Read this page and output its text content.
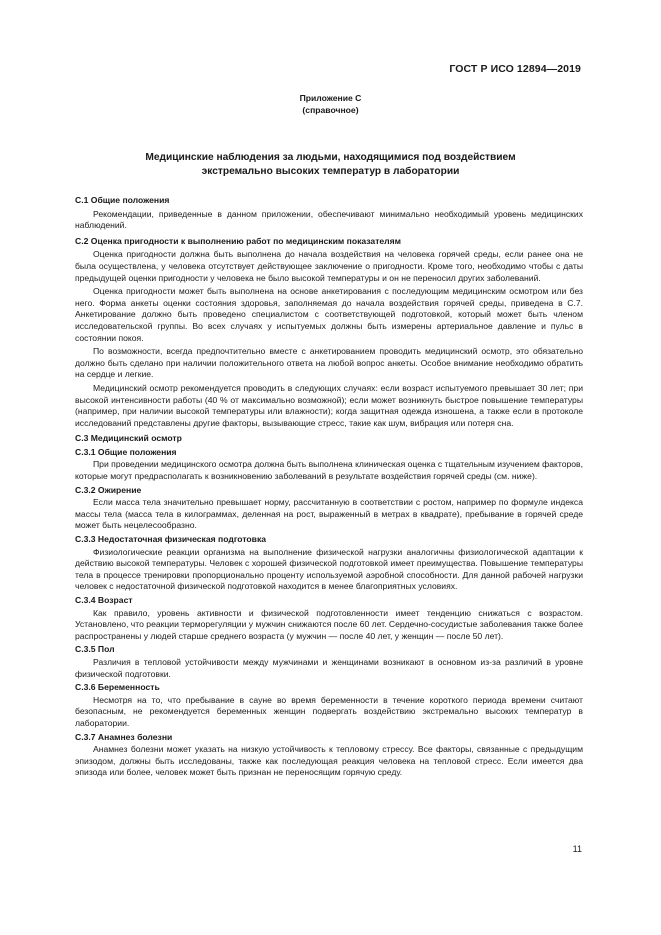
ГОСТ Р ИСО 12894—2019
Приложение С
(справочное)
Медицинские наблюдения за людьми, находящимися под воздействием
экстремально высоких температур в лаборатории
С.1 Общие положения
Рекомендации, приведенные в данном приложении, обеспечивают минимально необходимый уровень медицинских наблюдений.
С.2 Оценка пригодности к выполнению работ по медицинским показателям
Оценка пригодности должна быть выполнена до начала воздействия на человека горячей среды, если ранее она не была осуществлена, у человека отсутствует действующее заключение о пригодности. Кроме того, необходимо чтобы с даты предыдущей оценки пригодности у человека не было высокой температуры и он не переносил других заболеваний.
Оценка пригодности может быть выполнена на основе анкетирования с последующим медицинским осмотром или без него. Форма анкеты оценки состояния здоровья, заполняемая до начала воздействия горячей среды, приведена в С.7. Анкетирование должно быть проведено специалистом с соответствующей подготовкой, который может быть членом исследовательской группы. Во всех случаях у испытуемых должны быть измерены артериальное давление и пульс в состоянии покоя.
По возможности, всегда предпочтительно вместе с анкетированием проводить медицинский осмотр, это обязательно должно быть сделано при наличии положительного ответа на любой вопрос анкеты. Особое внимание необходимо обратить на сердце и легкие.
Медицинский осмотр рекомендуется проводить в следующих случаях: если возраст испытуемого превышает 30 лет; при высокой интенсивности работы (40 % от максимально возможной); если может возникнуть быстрое повышение температуры (например, при наличии высокой температуры или влажности); когда защитная одежда изношена, а также если в протоколе исследований представлены другие факторы, вызывающие стресс, такие как шум, вибрация или потеря сна.
С.3 Медицинский осмотр
С.3.1 Общие положения
При проведении медицинского осмотра должна быть выполнена клиническая оценка с тщательным изучением факторов, которые могут предрасполагать к возникновению заболеваний в результате воздействия горячей среды (см. ниже).
С.3.2 Ожирение
Если масса тела значительно превышает норму, рассчитанную в соответствии с ростом, например по формуле индекса массы тела (масса тела в килограммах, деленная на рост, выраженный в метрах в квадрате), пребывание в горячей среде может быть нецелесообразно.
С.3.3 Недостаточная физическая подготовка
Физиологические реакции организма на выполнение физической нагрузки аналогичны физиологической адаптации к действию высокой температуры. Человек с хорошей физической подготовкой имеет преимущества. Повышение температуры тела в процессе тренировки пропорционально проценту используемой аэробной способности. Для данной рабочей нагрузки человек с недостаточной физической подготовкой находится в менее благоприятных условиях.
С.3.4 Возраст
Как правило, уровень активности и физической подготовленности имеет тенденцию снижаться с возрастом. Установлено, что реакции терморегуляции у мужчин снижаются после 60 лет. Сердечно-сосудистые заболевания также более распространены у людей старше среднего возраста (у мужчин — после 40 лет, у женщин — после 50 лет).
С.3.5 Пол
Различия в тепловой устойчивости между мужчинами и женщинами возникают в основном из-за различий в уровне физической подготовки.
С.3.6 Беременность
Несмотря на то, что пребывание в сауне во время беременности в течение короткого периода времени считают безопасным, не рекомендуется беременных женщин подвергать воздействию экстремально высоких температур в лаборатории.
С.3.7 Анамнез болезни
Анамнез болезни может указать на низкую устойчивость к тепловому стрессу. Все факторы, связанные с предыдущим эпизодом, должны быть исследованы, также как последующая реакция человека на тепловой стресс. Если имеется два эпизода или более, человек может быть признан не переносящим горячую среду.
11
